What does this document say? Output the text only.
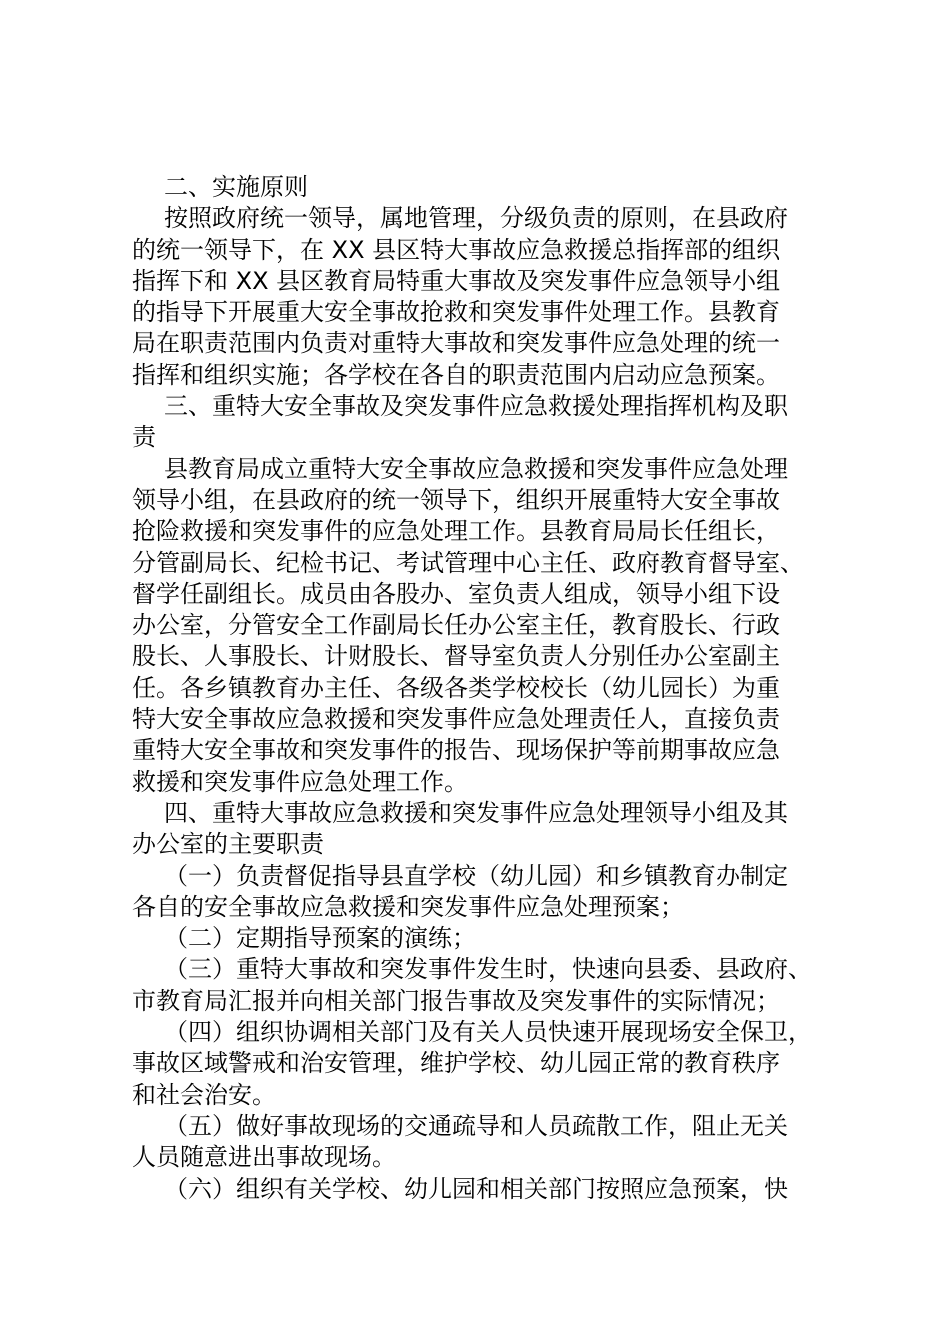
二、实施原则
按照政府统一领导，属地管理，分级负责的原则，在县政府
的统一领导下，在 XX 县区特大事故应急救援总指挥部的组织
指挥下和 XX 县区教育局特重大事故及突发事件应急领导小组
的指导下开展重大安全事故抢救和突发事件处理工作。县教育
局在职责范围内负责对重特大事故和突发事件应急处理的统一
指挥和组织实施；各学校在各自的职责范围内启动应急预案。
三、重特大安全事故及突发事件应急救援处理指挥机构及职
责
县教育局成立重特大安全事故应急救援和突发事件应急处理
领导小组，在县政府的统一领导下，组织开展重特大安全事故
抢险救援和突发事件的应急处理工作。县教育局局长任组长，
分管副局长、纪检书记、考试管理中心主任、政府教育督导室、
督学任副组长。成员由各股办、室负责人组成，领导小组下设
办公室，分管安全工作副局长任办公室主任，教育股长、行政
股长、人事股长、计财股长、督导室负责人分别任办公室副主
任。各乡镇教育办主任、各级各类学校校长（幼儿园长）为重
特大安全事故应急救援和突发事件应急处理责任人，直接负责
重特大安全事故和突发事件的报告、现场保护等前期事故应急
救援和突发事件应急处理工作。
四、重特大事故应急救援和突发事件应急处理领导小组及其
办公室的主要职责
（一）负责督促指导县直学校（幼儿园）和乡镇教育办制定
各自的安全事故应急救援和突发事件应急处理预案；
（二）定期指导预案的演练；
（三）重特大事故和突发事件发生时，快速向县委、县政府、
市教育局汇报并向相关部门报告事故及突发事件的实际情况；
（四）组织协调相关部门及有关人员快速开展现场安全保卫，
事故区域警戒和治安管理，维护学校、幼儿园正常的教育秩序
和社会治安。
（五）做好事故现场的交通疏导和人员疏散工作，阻止无关
人员随意进出事故现场。
（六）组织有关学校、幼儿园和相关部门按照应急预案，快
